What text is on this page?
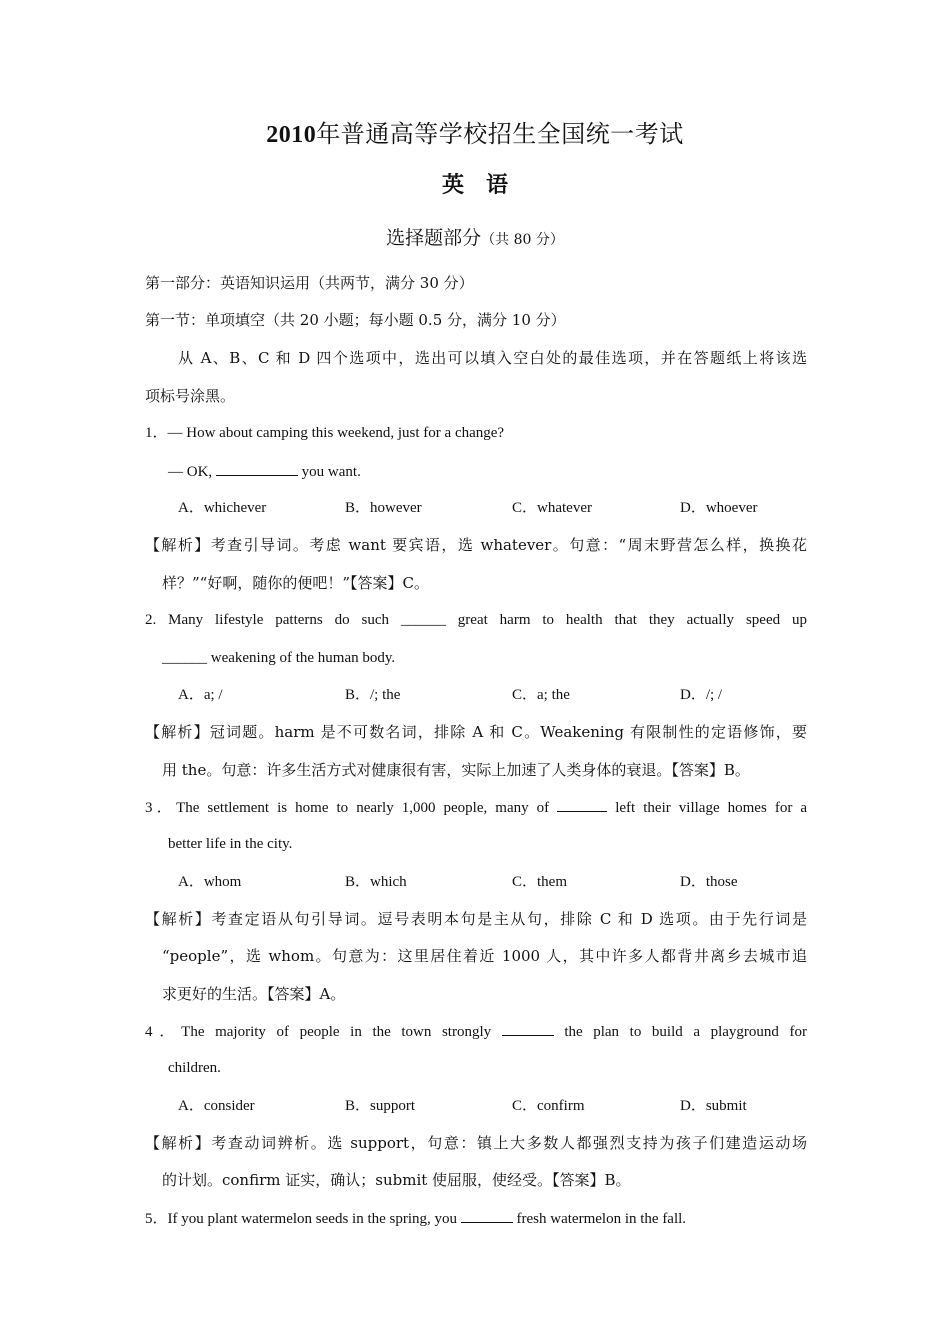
2010年普通高等学校招生全国统一考试
英语
选择题部分（共 80 分）
第一部分：英语知识运用（共两节，满分 30 分）
第一节：单项填空（共 20 小题；每小题 0.5 分，满分 10 分）
从 A、B、C 和 D 四个选项中，选出可以填入空白处的最佳选项，并在答题纸上将该选
项标号涂黑。
1．— How about camping this weekend, just for a change?
— OK,	you want.
A．whichever	B．however	C．whatever	D．whoever
【解析】考查引导词。考虑 want 要宾语，选 whatever。句意：“周末野营怎么样，换换花
样？”“好啊，随你的便吧！”【答案】C。
2. Many lifestyle patterns do such ______ great harm to health that they actually speed up
______ weakening of the human body.
A．a; /	B．/; the	C．a; the	D．/; /
【解析】冠词题。harm 是不可数名词，排除 A 和 C。Weakening 有限制性的定语修饰，要
用 the。句意：许多生活方式对健康很有害，实际上加速了人类身体的衰退。【答案】B。
3．The settlement is home to nearly 1,000 people, many of	left their village homes for a
better life in the city.
A．whom	B．which	C．them	D．those
【解析】考查定语从句引导词。逗号表明本句是主从句，排除 C 和 D 选项。由于先行词是
“people”，选 whom。句意为：这里居住着近 1000 人，其中许多人都背井离乡去城市追
求更好的生活。【答案】A。
4．The majority of people in the town strongly	the plan to build a playground for
children.
A．consider	B．support	C．confirm	D．submit
【解析】考查动词辨析。选 support，句意：镇上大多数人都强烈支持为孩子们建造运动场
的计划。confirm 证实，确认；submit 使屈服，使经受。【答案】B。
5．If you plant watermelon seeds in the spring, you	fresh watermelon in the fall.
